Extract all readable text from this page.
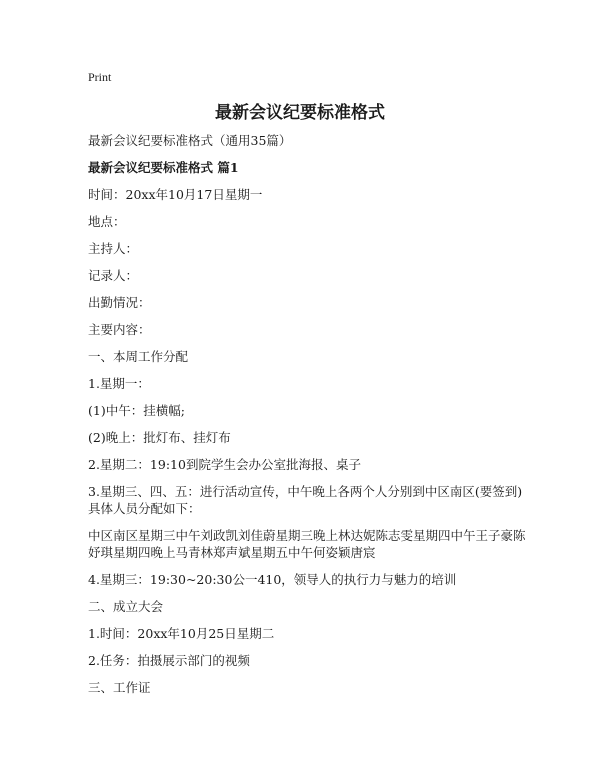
Print
最新会议纪要标准格式

最新会议纪要标准格式（通用35篇）

最新会议纪要标准格式 篇1

时间：20xx年10月17日星期一

地点：

主持人：

记录人：

出勤情况：

主要内容：

一、本周工作分配

1.星期一：

(1)中午：挂横幅;

(2)晚上：批灯布、挂灯布

2.星期二：19:10到院学生会办公室批海报、桌子

3.星期三、四、五：进行活动宣传，中午晚上各两个人分别到中区南区(要签到)具体人员分配如下：

中区南区星期三中午刘政凯刘佳蔚星期三晚上林达妮陈志雯星期四中午王子豪陈妤琪星期四晚上马青林郑声斌星期五中午何姿颖唐宸

4.星期三：19:30~20:30公一410，领导人的执行力与魅力的培训

二、成立大会

1.时间：20xx年10月25日星期二

2.任务：拍摄展示部门的视频

三、工作证
